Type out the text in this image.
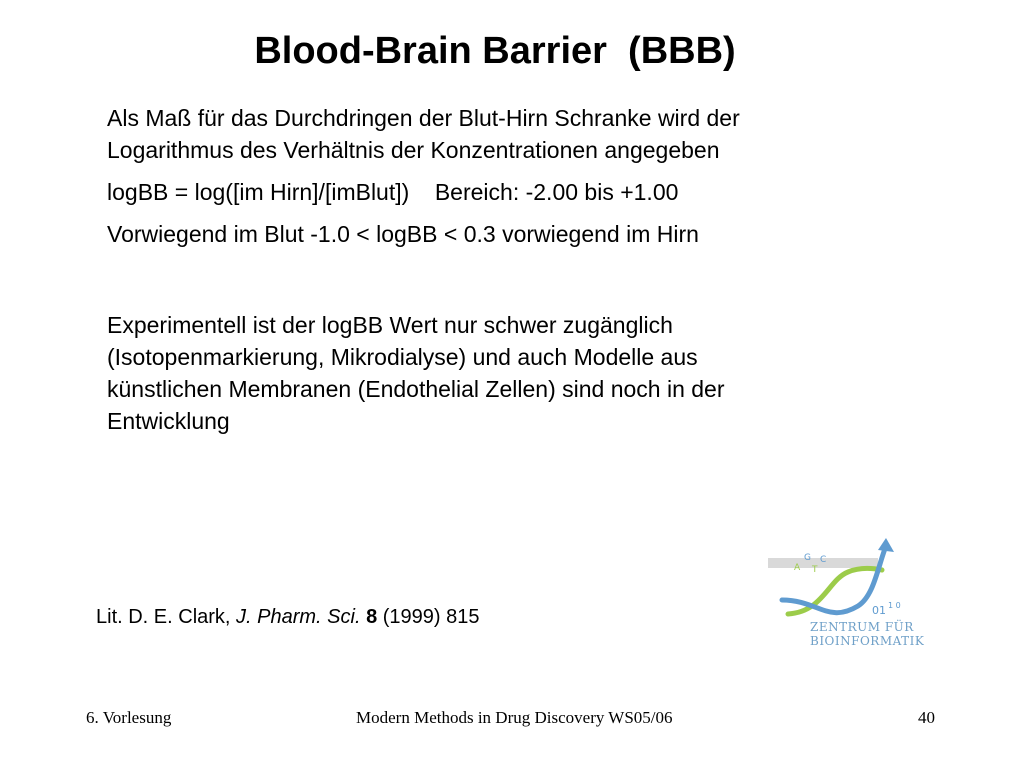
Blood-Brain Barrier  (BBB)
Als Maß für das Durchdringen der Blut-Hirn Schranke wird der
Logarithmus des Verhältnis der Konzentrationen angegeben
logBB = log([im Hirn]/[imBlut])    Bereich: -2.00 bis +1.00
Vorwiegend im Blut -1.0 < logBB < 0.3 vorwiegend im Hirn
Experimentell ist der logBB Wert nur schwer zugänglich
(Isotopenmarkierung, Mikrodialyse) und auch Modelle aus
künstlichen Membranen (Endothelial Zellen) sind noch in der
Entwicklung
Lit. D. E. Clark, J. Pharm. Sci. 8 (1999) 815
A
G
T
C
01 1 0
ZENTRUM FÜR
BIOINFORMATIK
6. Vorlesung	Modern Methods in Drug Discovery WS05/06	40
